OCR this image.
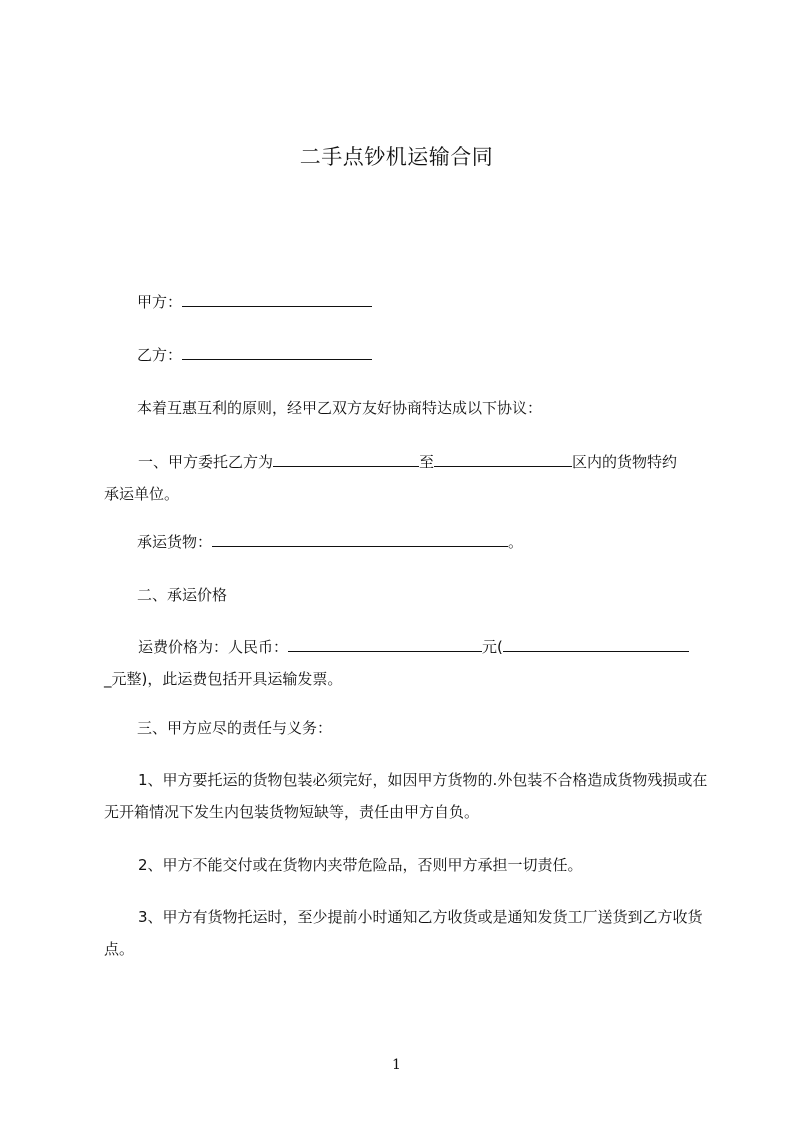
二手点钞机运输合同
甲方：
乙方：
本着互惠互利的原则，经甲乙双方友好协商特达成以下协议：
一、甲方委托乙方为	至	区内的货物特约
承运单位。
承运货物：	。
二、承运价格
运费价格为：人民币：	元(
_元整)，此运费包括开具运输发票。
三、甲方应尽的责任与义务：
1、甲方要托运的货物包装必须完好，如因甲方货物的.外包装不合格造成货物残损或在无开箱情况下发生内包装货物短缺等，责任由甲方自负。
2、甲方不能交付或在货物内夹带危险品，否则甲方承担一切责任。
3、甲方有货物托运时，至少提前小时通知乙方收货或是通知发货工厂送货到乙方收货点。
1
